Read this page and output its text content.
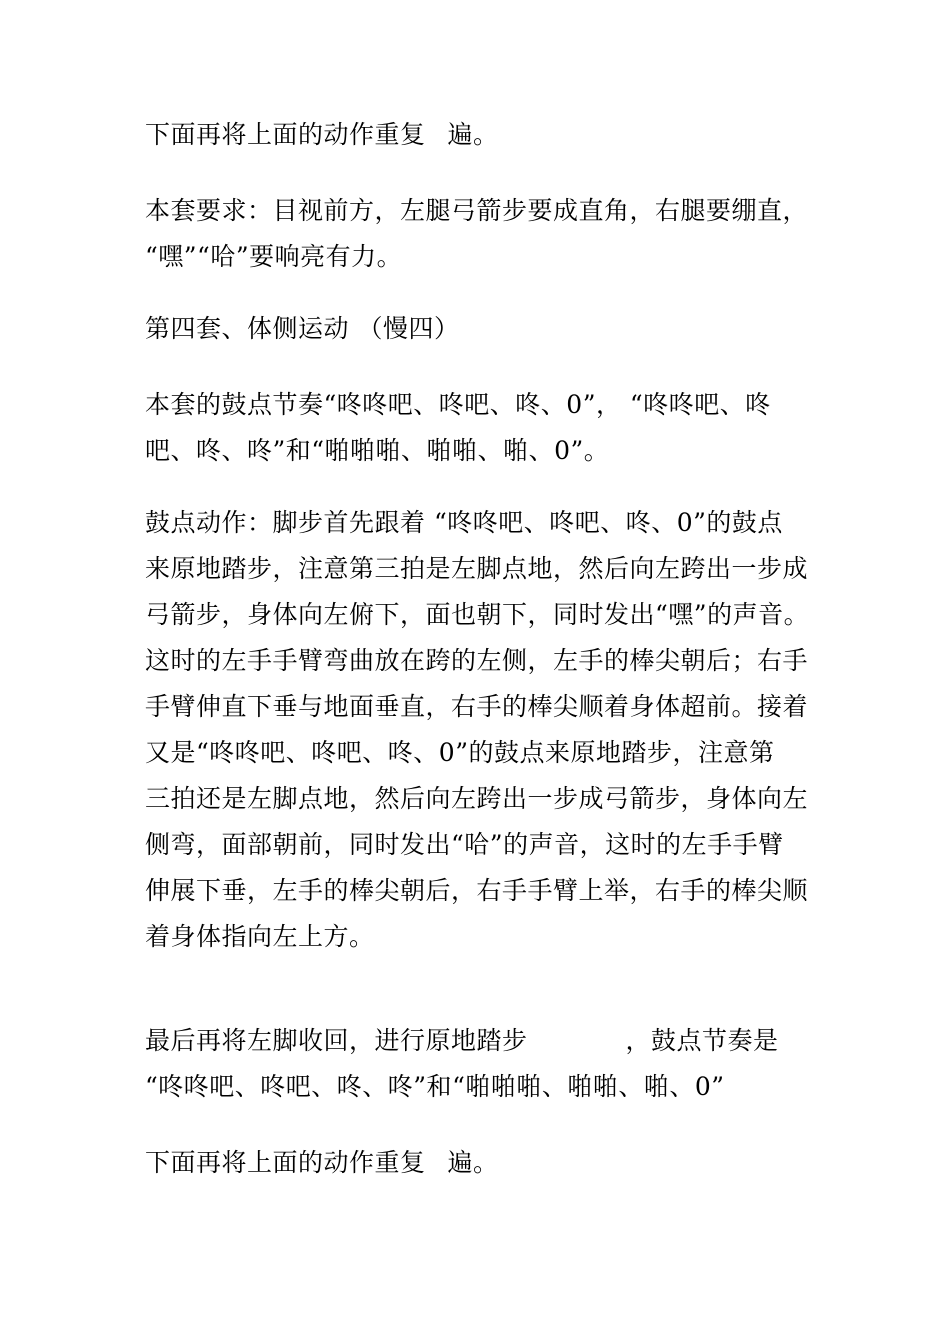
下面再将上面的动作重复 遍。

本套要求：目视前方，左腿弓箭步要成直角，右腿要绷直，
“嘿”“哈”要响亮有力。

第四套、体侧运动 （慢四）

本套的鼓点节奏“咚咚吧、咚吧、咚、0”， “咚咚吧、咚
吧、咚、咚”和“啪啪啪、啪啪、啪、0”。

鼓点动作：脚步首先跟着 “咚咚吧、咚吧、咚、0”的鼓点
来原地踏步，注意第三拍是左脚点地，然后向左跨出一步成
弓箭步，身体向左俯下，面也朝下，同时发出“嘿”的声音。
这时的左手手臂弯曲放在跨的左侧，左手的棒尖朝后；右手
手臂伸直下垂与地面垂直，右手的棒尖顺着身体超前。接着
又是“咚咚吧、咚吧、咚、0”的鼓点来原地踏步，注意第
三拍还是左脚点地，然后向左跨出一步成弓箭步，身体向左
侧弯，面部朝前，同时发出“哈”的声音，这时的左手手臂
伸展下垂，左手的棒尖朝后，右手手臂上举，右手的棒尖顺
着身体指向左上方。

最后再将左脚收回，进行原地踏步	，鼓点节奏是
“咚咚吧、咚吧、咚、咚”和“啪啪啪、啪啪、啪、0”

下面再将上面的动作重复 遍。
